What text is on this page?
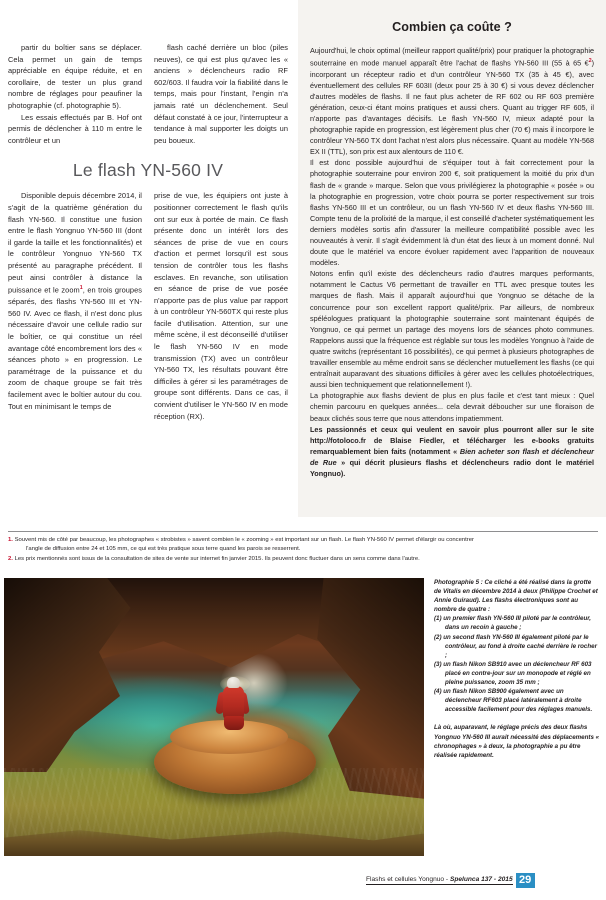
partir du boîtier sans se déplacer. Cela permet un gain de temps appréciable en équipe réduite, et en corollaire, de tester un plus grand nombre de réglages pour peaufiner la photographie (cf. photographie 5).

Les essais effectués par B. Hof ont permis de déclencher à 110 m entre le contrôleur et un

flash caché derrière un bloc (piles neuves), ce qui est plus qu'avec les « anciens » déclencheurs radio RF 602/603. Il faudra voir la fiabilité dans le temps, mais pour l'instant, l'engin n'a jamais raté un déclenchement. Seul défaut constaté à ce jour, l'interrupteur a tendance à mal supporter les doigts un peu boueux.

Le flash YN-560 IV

Disponible depuis décembre 2014, il s'agit de la quatrième génération du flash YN-560. Il constitue une fusion entre le flash Yongnuo YN-560 III (dont il garde la taille et les fonctionnalités) et le contrôleur Yongnuo YN-560 TX présenté au paragraphe précédent. Il peut ainsi contrôler à distance la puissance et le zoom$^1$, en trois groupes séparés, des flashs YN-560 III et YN-560 IV. Avec ce flash, il n'est donc plus nécessaire d'avoir une cellule radio sur le boîtier, ce qui constitue un réel avantage côté encombrement lors des « séances photo » en progression. Le paramétrage de la puissance et du zoom de chaque groupe se fait très facilement avec le boîtier autour du cou. Tout en minimisant le temps de

prise de vue, les équipiers ont juste à positionner correctement le flash qu'ils ont sur eux à portée de main. Ce flash présente donc un intérêt lors des séances de prise de vue en cours d'action et permet lorsqu'il est sous tension de contrôler tous les flashs esclaves. En revanche, son utilisation en séance de prise de vue posée n'apporte pas de plus value par rapport à un contrôleur YN-560TX qui reste plus facile d'utilisation. Attention, sur une même scène, il est déconseillé d'utiliser le flash YN-560 IV en mode transmission (TX) avec un contrôleur YN-560 TX, les résultats pouvant être difficiles à gérer si les paramétrages de groupe sont différents. Dans ce cas, il convient d'utiliser le YN-560 IV en mode réception (RX).

Combien ça coûte ?

Aujourd'hui, le choix optimal (meilleur rapport qualité/prix) pour pratiquer la photographie souterraine en mode manuel apparaît être l'achat de flashs YN-560 III (55 à 65 €$^2$) incorporant un récepteur radio et d'un contrôleur YN-560 TX (35 à 45 €), avec éventuellement des cellules RF 603II (deux pour 25 à 30 €) si vous devez déclencher d'autres modèles de flashs. Il ne faut plus acheter de RF 602 ou RF 603 première génération, ceux-ci étant moins pratiques et aussi chers. Quant au trigger RF 605, il n'apporte pas d'avantages décisifs. Le flash YN-560 IV, mieux adapté pour la photographie rapide en progression, est légèrement plus cher (70 €) mais il incorpore le contrôleur YN-560 TX dont l'achat n'est alors plus nécessaire. Quant au modèle YN-568 EX II (TTL), son prix est aux alentours de 110 €.

Il est donc possible aujourd'hui de s'équiper tout à fait correctement pour la photographie souterraine pour environ 200 €, soit pratiquement la moitié du prix d'un flash de « grande » marque. Selon que vous privilégierez la photographie « posée » ou la photographie en progression, votre choix pourra se porter respectivement sur trois flashs YN-560 III et un contrôleur, ou un flash YN-560 IV et deux flashs YN-560 III. Compte tenu de la prolixité de la marque, il est conseillé d'acheter systématiquement les derniers modèles sortis afin d'assurer la meilleure compatibilité possible avec les nouveautés à venir. Il s'agit évidemment là d'un état des lieux à un moment donné. Nul doute que le matériel va encore évoluer rapidement avec l'apparition de nouveaux modèles.

Notons enfin qu'il existe des déclencheurs radio d'autres marques performants, notamment le Cactus V6 permettant de travailler en TTL avec presque toutes les marques de flash. Mais il apparaît aujourd'hui que Yongnuo se détache de la concurrence pour son excellent rapport qualité/prix. Par ailleurs, de nombreux spéléologues pratiquant la photographie souterraine sont maintenant équipés de Yongnuo, ce qui permet un partage des moyens lors de séances photo communes. Rappelons aussi que la fréquence est réglable sur tous les modèles Yongnuo à l'aide de quatre switchs (représentant 16 possibilités), ce qui permet à plusieurs photographes de travailler ensemble au même endroit sans se déclencher mutuellement les flashs (ce qui entraînait auparavant des situations difficiles à gérer avec les cellules photoélectriques, aussi bien techniquement que relationnellement !).

La photographie aux flashs devient de plus en plus facile et c'est tant mieux : Quel chemin parcouru en quelques années... cela devrait déboucher sur une floraison de beaux clichés sous terre que nous attendons impatiemment.

Les passionnés et ceux qui veulent en savoir plus pourront aller sur le site http://fotoloco.fr de Blaise Fiedler, et télécharger les e-books gratuits remarquablement bien faits (notamment « Bien acheter son flash et déclencheur de Rue » qui décrit plusieurs flashs et déclencheurs radio dont le matériel Yongnuo).

1. Souvent mis de côté par beaucoup, les photographes « strobistes » savent combien le « zooming » est important sur un flash. Le flash YN-560 IV permet d'élargir ou concentrer
l'angle de diffusion entre 24 et 105 mm, ce qui est très pratique sous terre quand les parois se resserrent.

2. Les prix mentionnés sont issus de la consultation de sites de vente sur internet fin janvier 2015. Ils peuvent donc fluctuer dans un sens comme dans l'autre.

Photographie 5 : Ce cliché a été réalisé dans la grotte de Vitalis en décembre 2014 à deux (Philippe Crochet et Annie Guiraud). Les flashs électroniques sont au nombre de quatre :

(1) un premier flash YN-560 III piloté par le contrôleur, dans un recoin à gauche ;

(2) un second flash YN-560 III également piloté par le contrôleur, au fond à droite caché derrière le rocher ;

(3) un flash Nikon SB910 avec un déclencheur RF 603 placé en contre-jour sur un monopode et réglé en pleine puissance, zoom 35 mm ;

(4) un flash Nikon SB900 également avec un déclencheur RF603 placé latéralement à droite accessible facilement pour des réglages manuels.

Là où, auparavant, le réglage précis des deux flashs Yongnuo YN-560 III aurait nécessité des déplacements « chronophages » à deux, la photographie a pu être réalisée rapidement.

Flashs et cellules Yongnuo - Spelunca 137 - 2015 29
